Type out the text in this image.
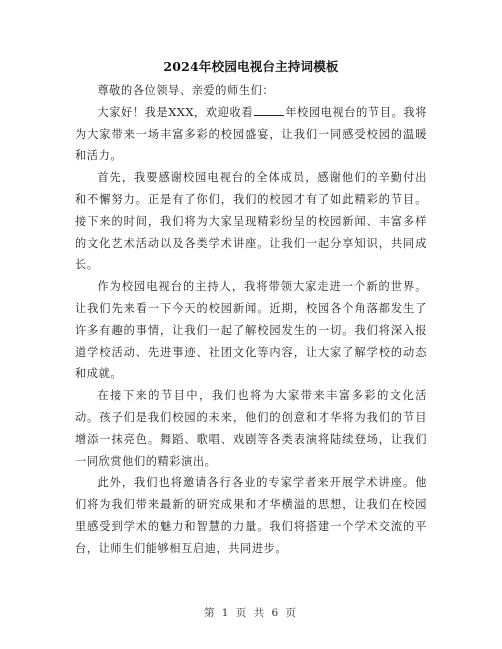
2024年校园电视台主持词模板

尊敬的各位领导、亲爱的师生们：

大家好！我是XXX，欢迎收看	年校园电视台的节目。我将为大家带来一场丰富多彩的校园盛宴，让我们一同感受校园的温暖和活力。

首先，我要感谢校园电视台的全体成员，感谢他们的辛勤付出和不懈努力。正是有了你们，我们的校园才有了如此精彩的节目。接下来的时间，我们将为大家呈现精彩纷呈的校园新闻、丰富多样的文化艺术活动以及各类学术讲座。让我们一起分享知识，共同成长。

作为校园电视台的主持人，我将带领大家走进一个新的世界。让我们先来看一下今天的校园新闻。近期，校园各个角落都发生了许多有趣的事情，让我们一起了解校园发生的一切。我们将深入报道学校活动、先进事迹、社团文化等内容，让大家了解学校的动态和成就。

在接下来的节目中，我们也将为大家带来丰富多彩的文化活动。孩子们是我们校园的未来，他们的创意和才华将为我们的节目增添一抹亮色。舞蹈、歌唱、戏剧等各类表演将陆续登场，让我们一同欣赏他们的精彩演出。

此外，我们也将邀请各行各业的专家学者来开展学术讲座。他们将为我们带来最新的研究成果和才华横溢的思想，让我们在校园里感受到学术的魅力和智慧的力量。我们将搭建一个学术交流的平台，让师生们能够相互启迪，共同进步。

第 1 页 共 6 页
